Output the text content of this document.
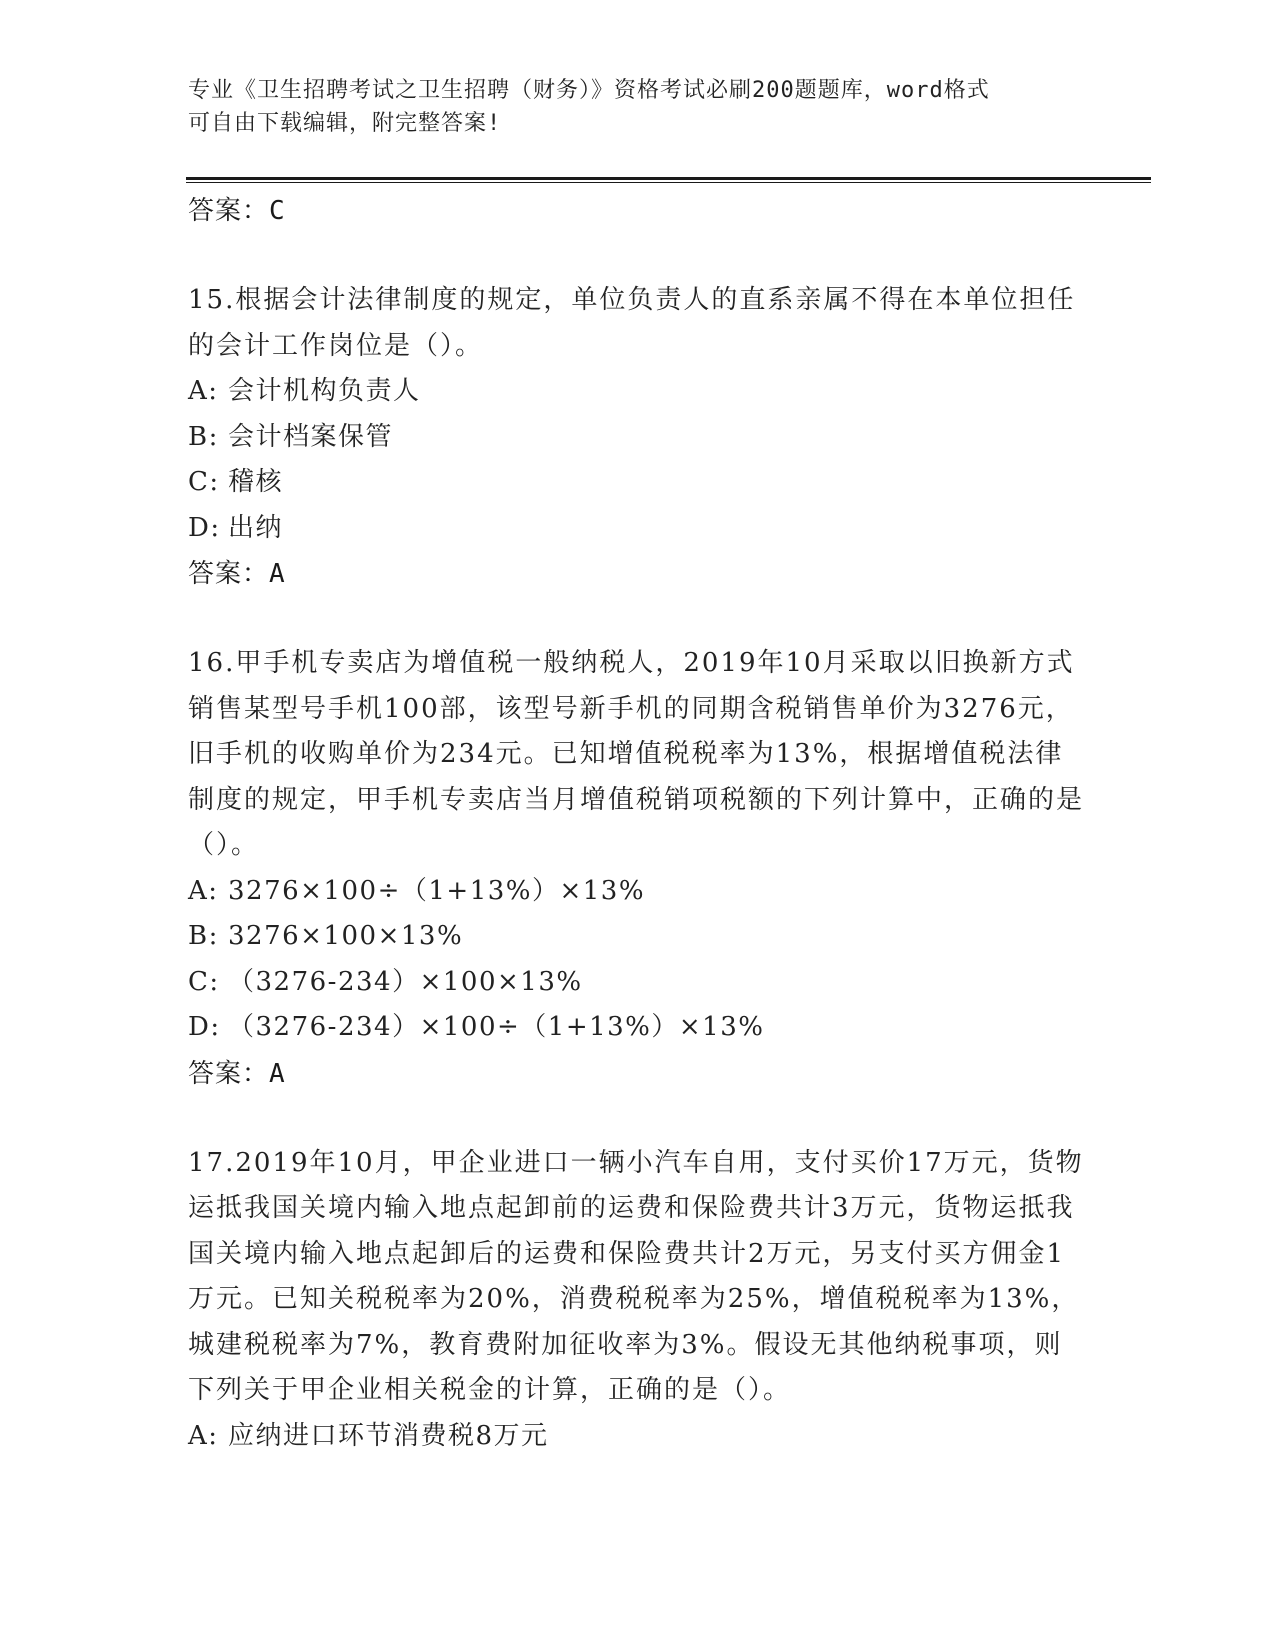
专业《卫生招聘考试之卫生招聘（财务）》资格考试必刷200题题库，word格式

可自由下载编辑，附完整答案!

答案：C

15.根据会计法律制度的规定，单位负责人的直系亲属不得在本单位担任的会计工作岗位是（）。

A: 会计机构负责人

B: 会计档案保管

C: 稽核

D: 出纳

答案：A

16.甲手机专卖店为增值税一般纳税人，2019年10月采取以旧换新方式销售某型号手机100部，该型号新手机的同期含税销售单价为3276元，旧手机的收购单价为234元。已知增值税税率为13%，根据增值税法律制度的规定，甲手机专卖店当月增值税销项税额的下列计算中，正确的是（）。

A: 3276×100÷（1+13%）×13%

B: 3276×100×13%

C: （3276-234）×100×13%

D: （3276-234）×100÷（1+13%）×13%

答案：A

17.2019年10月，甲企业进口一辆小汽车自用，支付买价17万元，货物运抵我国关境内输入地点起卸前的运费和保险费共计3万元，货物运抵我国关境内输入地点起卸后的运费和保险费共计2万元，另支付买方佣金1万元。已知关税税率为20%，消费税税率为25%，增值税税率为13%，城建税税率为7%，教育费附加征收率为3%。假设无其他纳税事项，则下列关于甲企业相关税金的计算，正确的是（）。

A: 应纳进口环节消费税8万元
